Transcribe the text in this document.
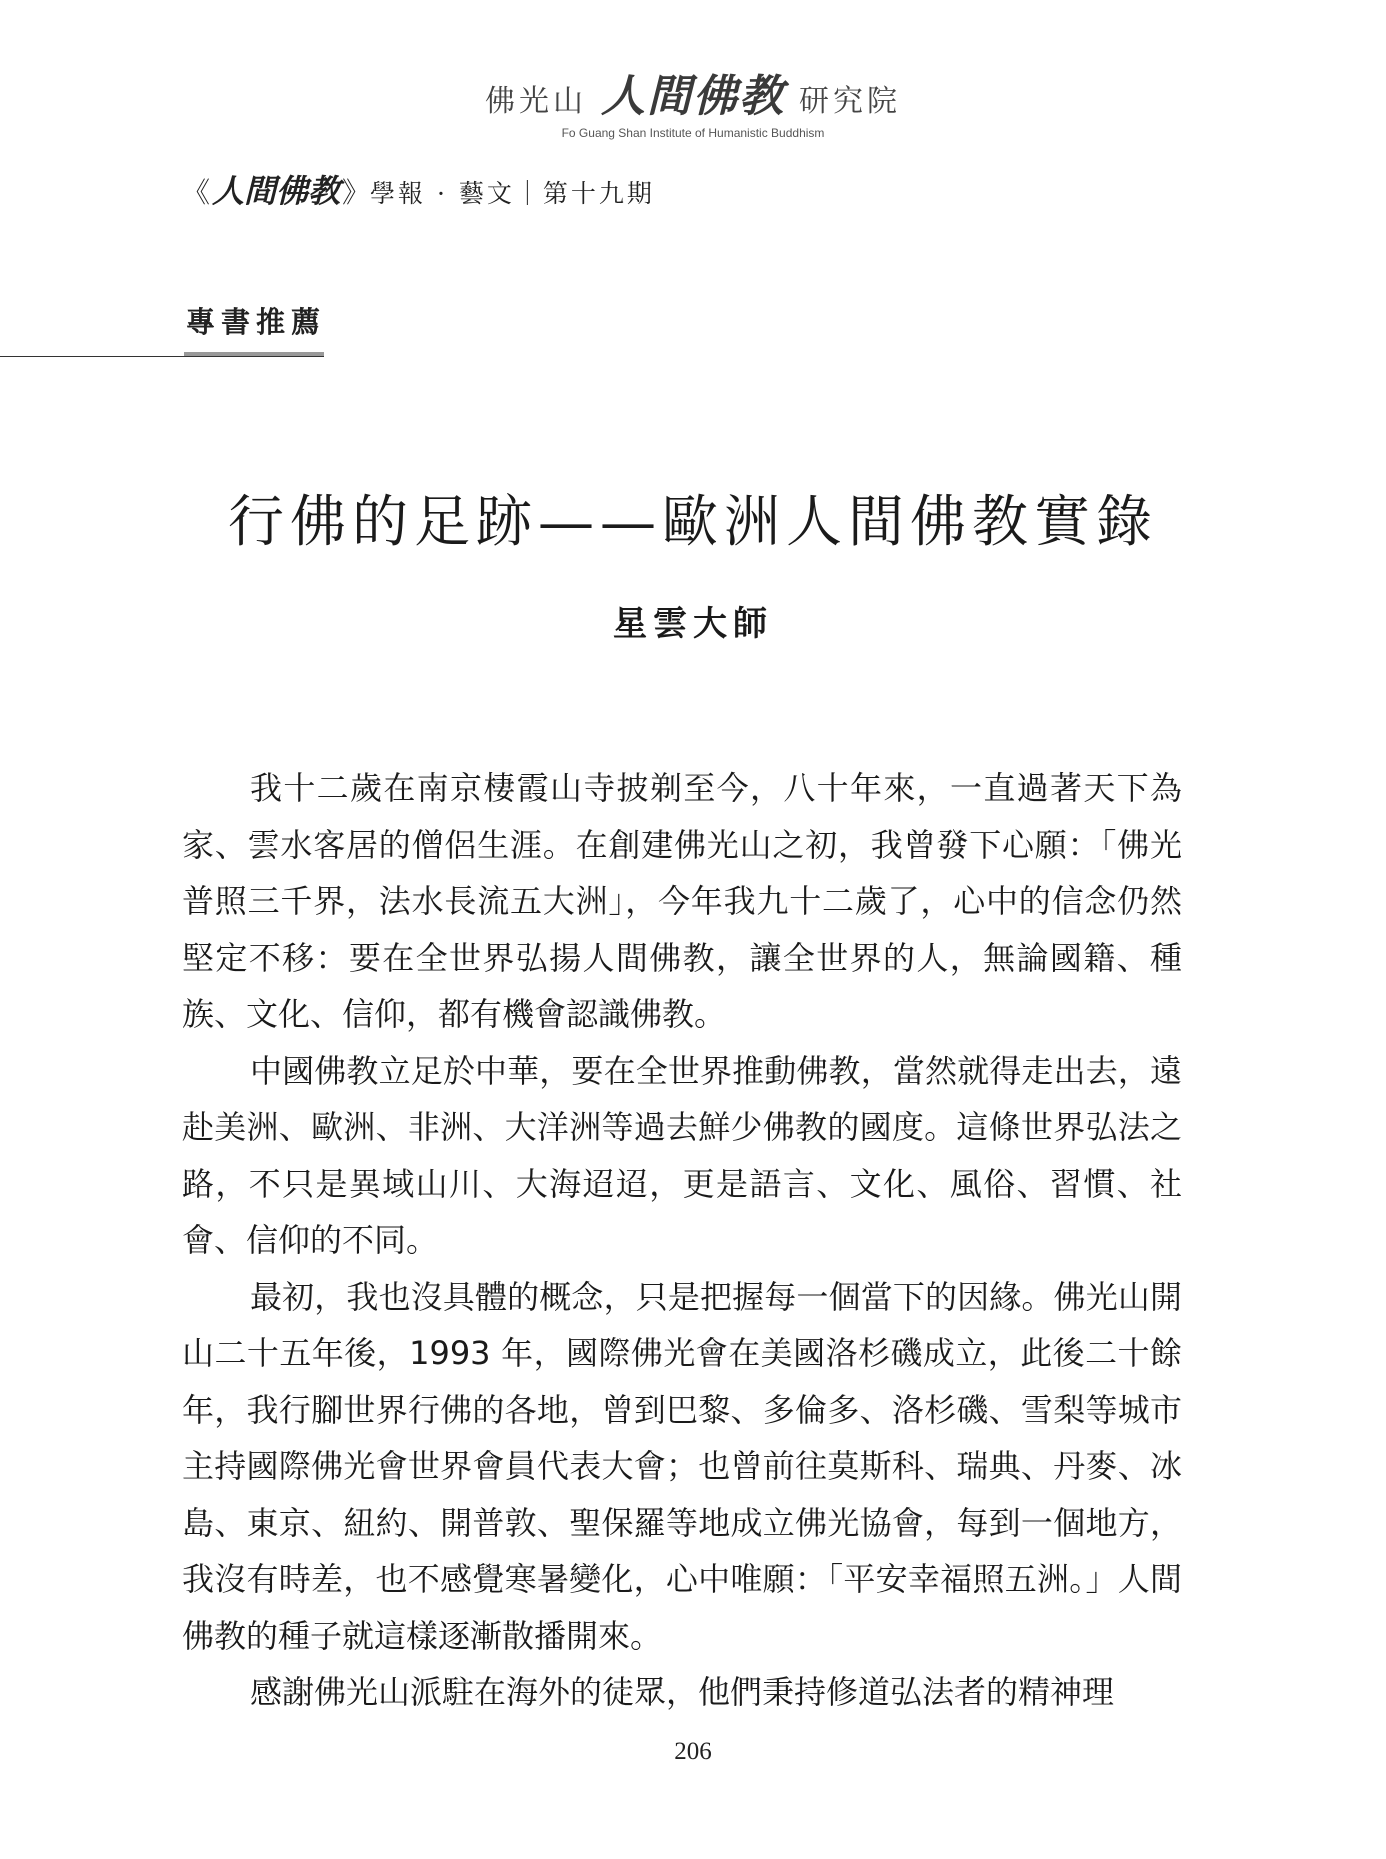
佛光山 人間佛教 研究院
Fo Guang Shan Institute of Humanistic Buddhism
《 人間佛教 》 學報 · 藝文｜第十九期
專書推薦
行佛的足跡——歐洲人間佛教實錄
星雲大師

我十二歲在南京棲霞山寺披剃至今，八十年來，一直過著天下為家、雲水客居的僧侶生涯。在創建佛光山之初，我曾發下心願：「佛光普照三千界，法水長流五大洲」，今年我九十二歲了，心中的信念仍然堅定不移：要在全世界弘揚人間佛教，讓全世界的人，無論國籍、種族、文化、信仰，都有機會認識佛教。

中國佛教立足於中華，要在全世界推動佛教，當然就得走出去，遠赴美洲、歐洲、非洲、大洋洲等過去鮮少佛教的國度。這條世界弘法之路，不只是異域山川、大海迢迢，更是語言、文化、風俗、習慣、社會、信仰的不同。

最初，我也沒具體的概念，只是把握每一個當下的因緣。佛光山開山二十五年後，1993 年，國際佛光會在美國洛杉磯成立，此後二十餘年，我行腳世界行佛的各地，曾到巴黎、多倫多、洛杉磯、雪梨等城市主持國際佛光會世界會員代表大會；也曾前往莫斯科、瑞典、丹麥、冰島、東京、紐約、開普敦、聖保羅等地成立佛光協會，每到一個地方，我沒有時差，也不感覺寒暑變化，心中唯願：「平安幸福照五洲。」人間佛教的種子就這樣逐漸散播開來。

感謝佛光山派駐在海外的徒眾，他們秉持修道弘法者的精神理

206
